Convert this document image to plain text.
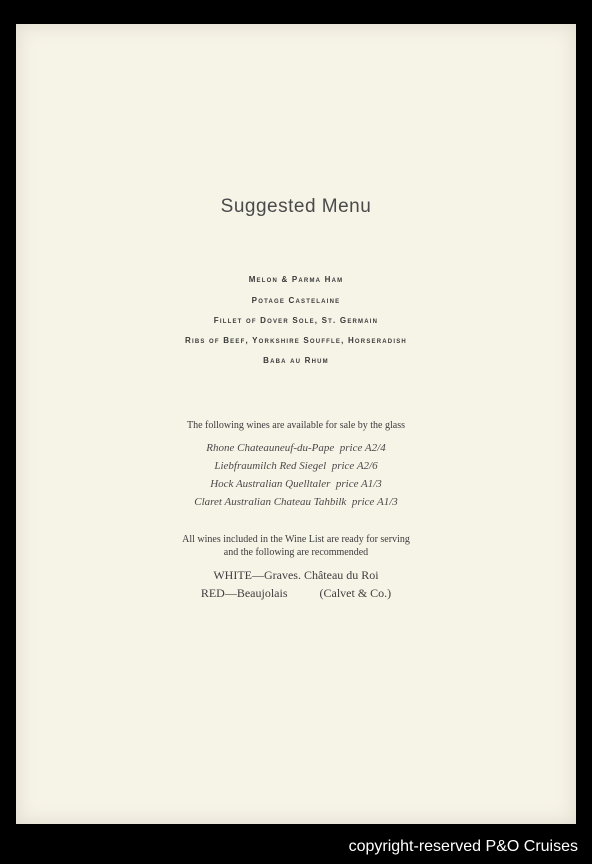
Suggested Menu
Melon & Parma Ham
Potage Castelaine
Fillet of Dover Sole, St. Germain
Ribs of Beef, Yorkshire Souffle, Horseradish
Baba au Rhum
The following wines are available for sale by the glass
Rhone Chateauneuf-du-Pape price A2/4
Liebfraumilch Red Siegel price A2/6
Hock Australian Quelltaler price A1/3
Claret Australian Chateau Tahbilk price A1/3
All wines included in the Wine List are ready for serving
and the following are recommended
WHITE—Graves. Château du Roi
RED—Beaujolais	(Calvet & Co.)
copyright-reserved P&O Cruises
